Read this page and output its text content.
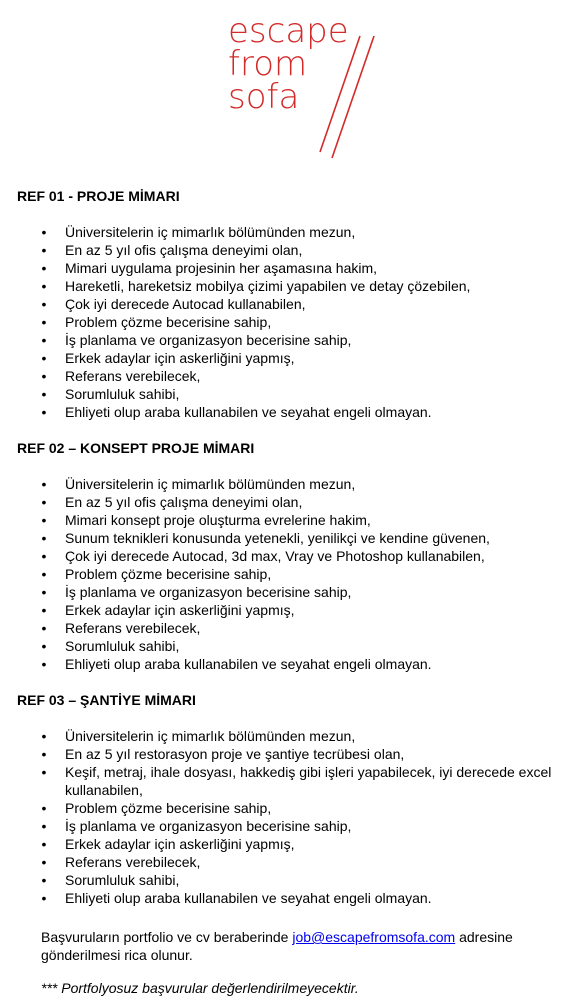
escape
from
sofa
REF 01 - PROJE MİMARI
• Üniversitelerin iç mimarlık bölümünden mezun,
• En az 5 yıl ofis çalışma deneyimi olan,
• Mimari uygulama projesinin her aşamasına hakim,
• Hareketli, hareketsiz mobilya çizimi yapabilen ve detay çözebilen,
• Çok iyi derecede Autocad kullanabilen,
• Problem çözme becerisine sahip,
• İş planlama ve organizasyon becerisine sahip,
• Erkek adaylar için askerliğini yapmış,
• Referans verebilecek,
• Sorumluluk sahibi,
• Ehliyeti olup araba kullanabilen ve seyahat engeli olmayan.
REF 02 – KONSEPT PROJE MİMARI
• Üniversitelerin iç mimarlık bölümünden mezun,
• En az 5 yıl ofis çalışma deneyimi olan,
• Mimari konsept proje oluşturma evrelerine hakim,
• Sunum teknikleri konusunda yetenekli, yenilikçi ve kendine güvenen,
• Çok iyi derecede Autocad, 3d max, Vray ve Photoshop kullanabilen,
• Problem çözme becerisine sahip,
• İş planlama ve organizasyon becerisine sahip,
• Erkek adaylar için askerliğini yapmış,
• Referans verebilecek,
• Sorumluluk sahibi,
• Ehliyeti olup araba kullanabilen ve seyahat engeli olmayan.
REF 03 – ŞANTİYE MİMARI
• Üniversitelerin iç mimarlık bölümünden mezun,
• En az 5 yıl restorasyon proje ve şantiye tecrübesi olan,
• Keşif, metraj, ihale dosyası, hakkediş gibi işleri yapabilecek, iyi derecede excel kullanabilen,
• Problem çözme becerisine sahip,
• İş planlama ve organizasyon becerisine sahip,
• Erkek adaylar için askerliğini yapmış,
• Referans verebilecek,
• Sorumluluk sahibi,
• Ehliyeti olup araba kullanabilen ve seyahat engeli olmayan.
Başvuruların portfolio ve cv beraberinde job@escapefromsofa.com adresine gönderilmesi rica olunur.
*** Portfolyosuz başvurular değerlendirilmeyecektir.
